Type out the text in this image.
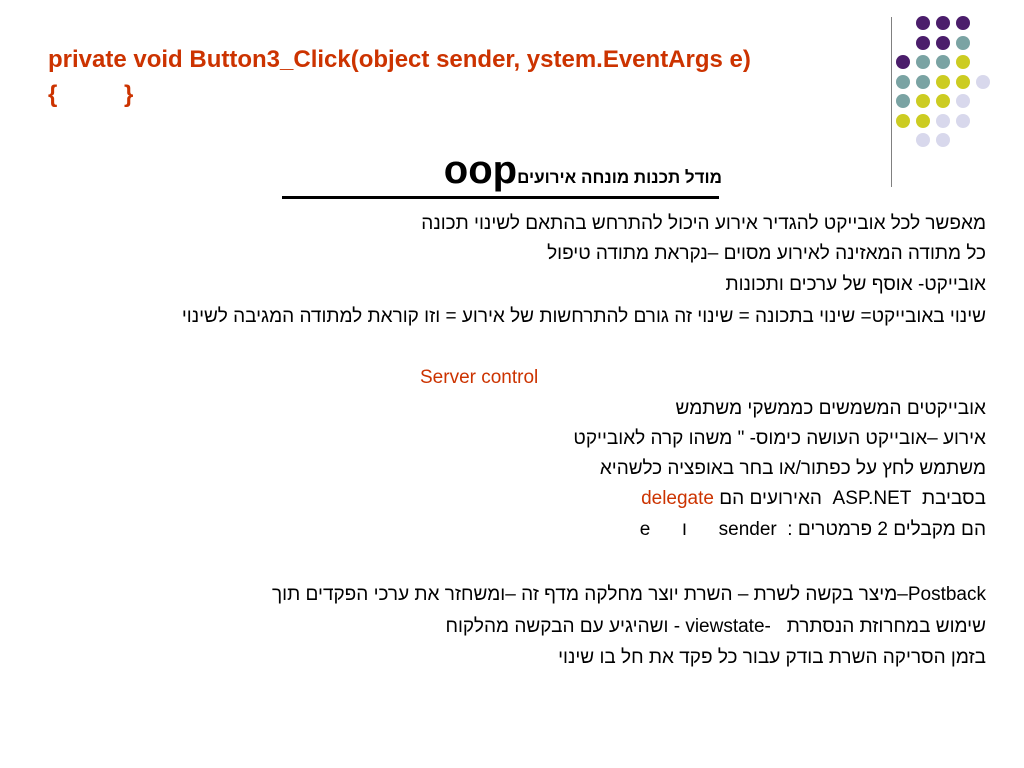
private void Button3_Click(object sender, ystem.EventArgs e)
{          }
מודל תכנות מונחה אירועים
oop
מאפשר לכל אובייקט להגדיר אירוע היכול להתרחש בהתאם לשינוי תכונה
כל מתודה המאזינה לאירוע מסוים –נקראת מתודה טיפול
אובייקט- אוסף של ערכים ותכונות
שינוי באובייקט= שינוי בתכונה = שינוי זה גורם להתרחשות של אירוע = וזו קוראת למתודה המגיבה לשינוי
Server control
אובייקטים המשמשים כממשקי משתמש
אירוע –אובייקט העושה כימוס- " משהו קרה לאובייקט
משתמש לחץ על כפתור/או בחר באופציה כלשהיא
בסביבת  ASP.NET  האירועים הם delegate
הם מקבלים 2 פרמטרים :  sender      ו      e
Postback–מיצר בקשה לשרת – השרת יוצר מחלקה מדף זה –ומשחזר את ערכי הפקדים תוך
שימוש במחרוזת הנסתרת   viewstate- - ושהיגיע עם הבקשה מהלקוח
בזמן הסריקה השרת בודק עבור כל פקד את חל בו שינוי
